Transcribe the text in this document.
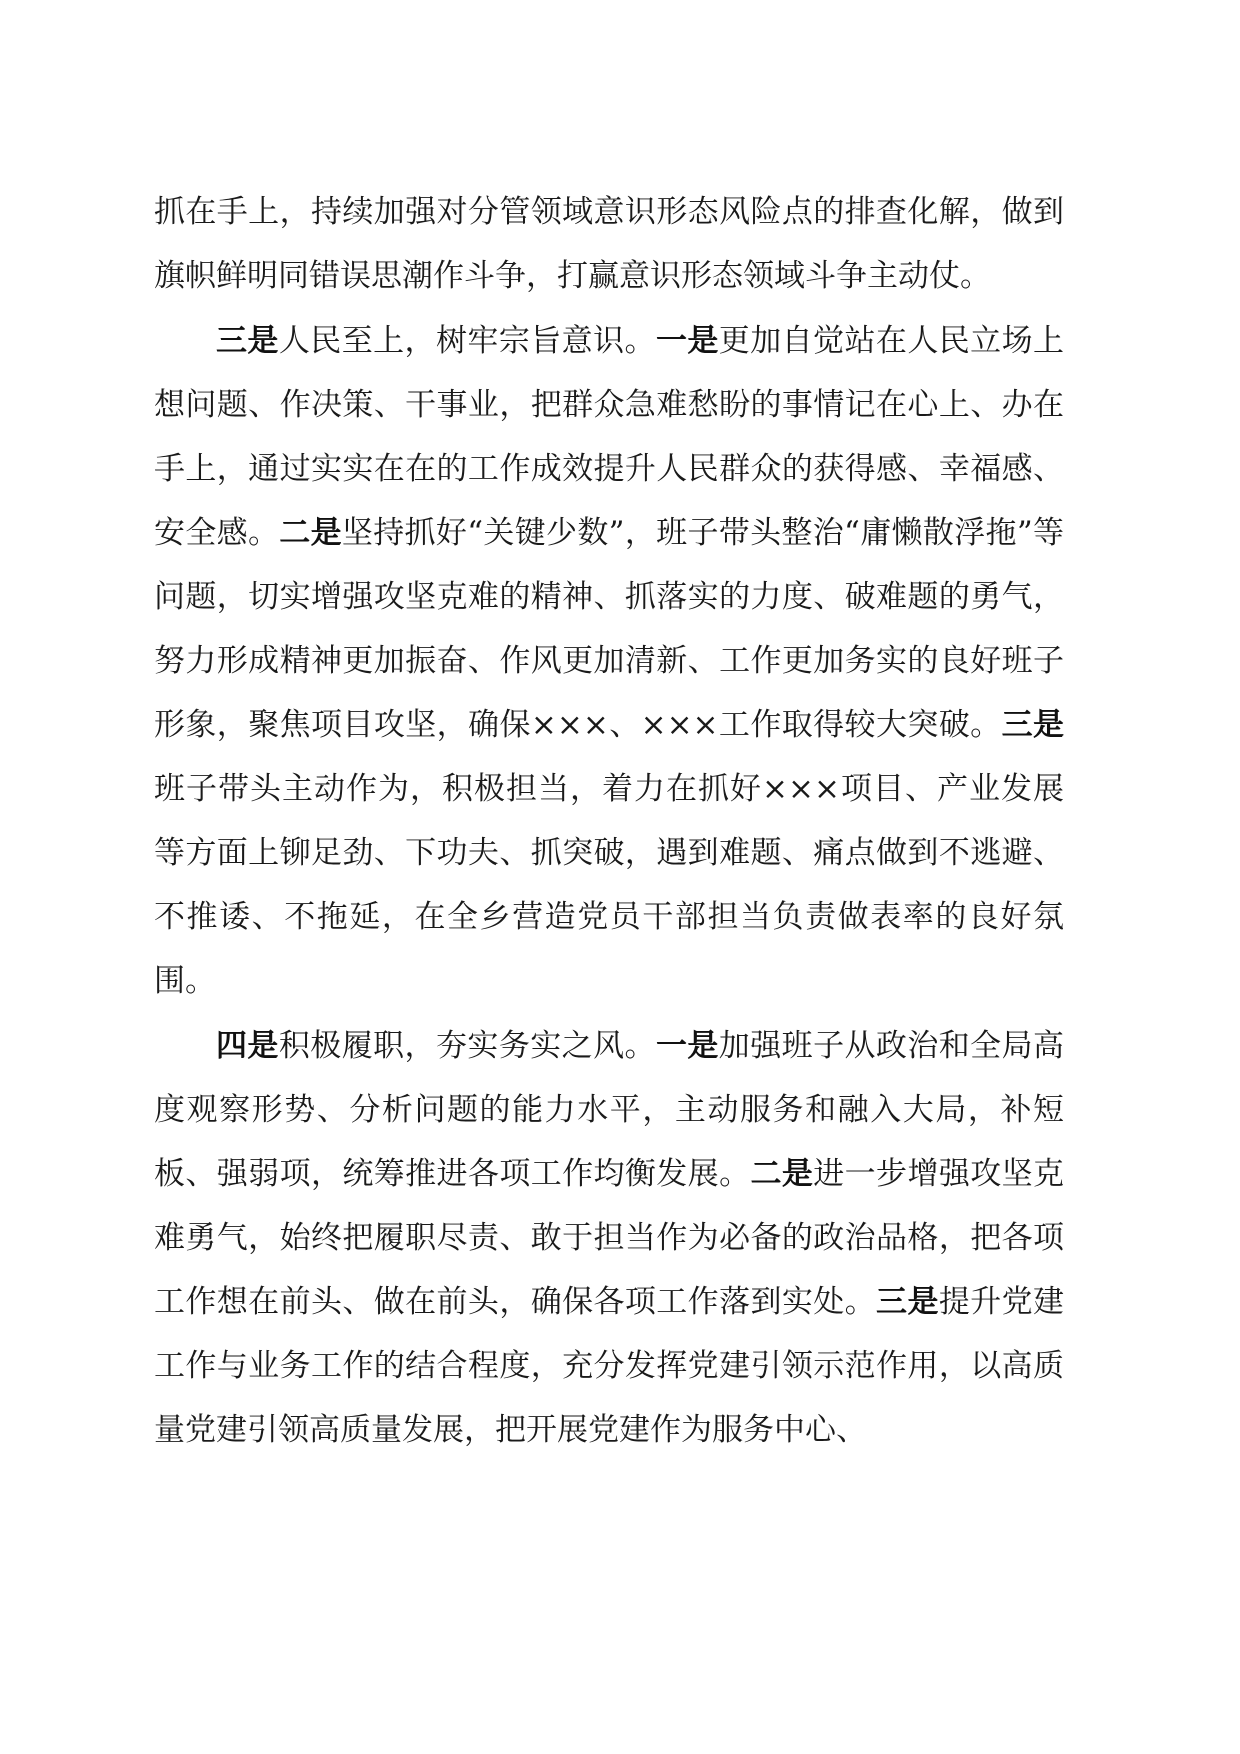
抓在手上，持续加强对分管领域意识形态风险点的排查化解，做到旗帜鲜明同错误思潮作斗争，打赢意识形态领域斗争主动仗。

三是人民至上，树牢宗旨意识。一是更加自觉站在人民立场上想问题、作决策、干事业，把群众急难愁盼的事情记在心上、办在手上，通过实实在在的工作成效提升人民群众的获得感、幸福感、安全感。二是坚持抓好“关键少数”，班子带头整治“庸懒散浮拖”等问题，切实增强攻坚克难的精神、抓落实的力度、破难题的勇气，努力形成精神更加振奋、作风更加清新、工作更加务实的良好班子形象，聚焦项目攻坚，确保×××、×××工作取得较大突破。三是班子带头主动作为，积极担当，着力在抓好×××项目、产业发展等方面上铆足劲、下功夫、抓突破，遇到难题、痛点做到不逃避、不推诿、不拖延，在全乡营造党员干部担当负责做表率的良好氛围。

四是积极履职，夯实务实之风。一是加强班子从政治和全局高度观察形势、分析问题的能力水平，主动服务和融入大局，补短板、强弱项，统筹推进各项工作均衡发展。二是进一步增强攻坚克难勇气，始终把履职尽责、敢于担当作为必备的政治品格，把各项工作想在前头、做在前头，确保各项工作落到实处。三是提升党建工作与业务工作的结合程度，充分发挥党建引领示范作用，以高质量党建引领高质量发展，把开展党建作为服务中心、
